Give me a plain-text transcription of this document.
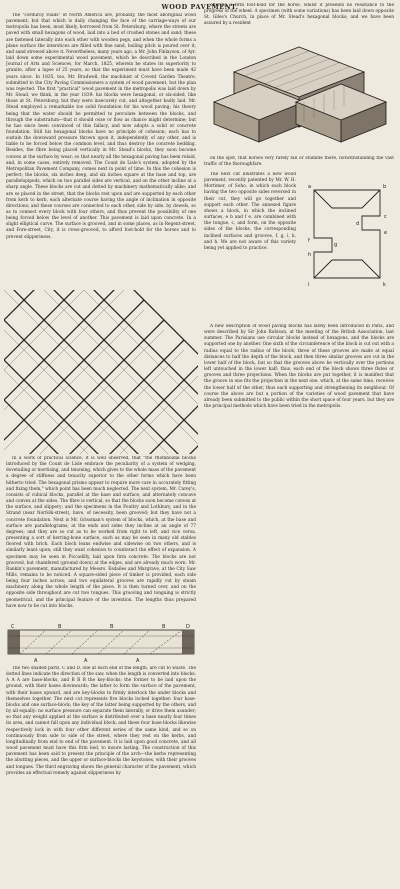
WOOD PAVEMENT.

The "corduroy roads" of North America are, probably, the most aboriginal wood pavement; but that which is daily changing the face of the carriage-ways of our metropolis has been, most likely, borrowed from St. Petersburg, where the streets are paved with small hexagons of wood, laid into a bed of crushed stones and sand; these are fastened laterally into each other with wooden pegs, and when the whole forms a plane surface the interstices are filled with fine sand, boiling pitch is poured over it, and sand strewed above it. Nevertheless, many years ago, a Mr. John Finlayson, of Ayr, laid down some experimental wood pavement, which he described in the London Journal of Arts and Sciences, for March, 1825, wherein he states its superiority to granite, after a lapse of 25 years, so that the experiment must have been made 42 years since. In 1835, too, Mr. Bradwell, the machinist of Covent Garden Theatre, submitted to the City Paving Commissioners a system of wood pavement, but the plan was rejected. The first "practical" wood pavement in the metropolis was laid down by Mr. Stead, we think, in the year 1839: his blocks were hexagonal, or six-sided, like those at St. Petersburg; but they were insecurely cut, and altogether badly laid. Mr. Stead employed a remarkable too solid foundation for his wood paving; his theory being that the water should be permitted to percolate between the blocks, and through the substratum—that it should ooze or flow as chance might determine; but he has since been convinced of this fallacy, and now adopts a solid or concrete foundation. Still his hexagonal blocks have no principle of cohesion; each has to sustain the downward pressure thrown upon it, independently of any other, and is liable to be forced below the common level, and thus destroy the concrete bedding. Besides, the fibre being placed vertically in Mr. Stead's blocks, they soon become convex at the surface by wear; so that nearly all the hexagonal paving has been relaid, and, in some cases, entirely removed. The Count de Lisle's system, adopted by the Metropolitan Pavement Company, comes next in point of time. In this the cohesion is perfect; the blocks, six inches deep, and six inches square at the base and top, are parallelopipeds, which on two parallel sides are vertical, and on the other incline at a sharp angle. These blocks are cut and dotted by machinery mathematically alike; and are so placed in the street, that the blocks rest upon and are supported by each other from kerb to kerb, each alternate course having the angle of inclination in opposite directions; and these courses are connected to each other, side by side, by dowels, so as to connect every block with four others, and thus prevent the possibility of one being forced below the level of another. This pavement is laid upon concrete. In a slight elliptical curve. The surface is grooved, and in some places, as in Regent-street, and Fore-street, City, it is cross-grooved, to afford foot-hold for the horses and to prevent slipperiness.

In a work of practical science, it is well observed, that "the rhomboidal blocks introduced by the Count de Lisle embrace the peculiarity of a system of wedging, dovetailing or mortising, and tenoning, which gives to the whole mass of the pavement a degree of stiffness and tenacity superior to the other forms which have been hitherto tried. The hexagonal prisms appear to require more care in accurately fitting and fixing them," which point has been much neglected. The next system, Mr. Carey's, consists of cubical blocks, parallel at the base and surface, and alternately concave and convex at the sides. The fibre is vertical, so that the blocks soon become convex at the surface, and slippery; and the specimens in the Poultry and Lothbury, and in the Strand (near Norfolk-street), have, of necessity, been grooved; but they have not a concrete foundation. Next is Mr. Grissman's system of blocks, which, at the base and surface are parallelograms; at the ends and sides they incline at an angle of 77 degrees; and they are so cut as to be worked from right to left, and vice versa, presenting a sort of herring-bone surface, such as may be seen in many old stables floored with brick. Each block leans endwise and sidewise on two others, and is similarly leant upon; still they want cohesion to counteract the effect of expansion. A specimen may be seen in Piccadilly, laid upon firm concrete. The blocks are not grooved, but chamfered (ground down) at the edges, and are already much worn. Mr. Rankin's pavement, manufactured by Messrs. Esdailes and Margrave, at the City Saw Mills, remains to be noticed. A square-sided piece of timber is provided, each side being four inches across; and two equilateral grooves are rapidly cut by steam machinery along the whole length of the piece. It is then turned over, and on the opposite side throughout are cut two tongues. This grooving and tonguing is strictly geometrical, and the principal feature of the invention. The lengths thus prepared have now to be cut into blocks.

C
A
B
A
B
A
B	D

The two shaded parts, C and D, one at each end of the length, are cut to waste. The dotted lines indicate the direction of the saw, when the length is converted into blocks. A A A are base-blocks, and B B B the key-blocks; the former to be laid upon the ground, with their bases downwards; the latter to form the surface of the pavement, with their bases upward, and are key-blocks to firmly interlock the under blocks and themselves together. The next cut represents five blocks locked together: four base-blocks and one surface-block; the key of the latter being supported by the others, and by all equally: no surface pressure can separate them laterally, or drive them asunder; so that any weight applied at the surface is distributed over a base nearly four times its area, and cannot fall upon any individual block; and these four base-blocks likewise respectively lock in with four other different series of the same kind, and so on continuously from side to side of the street, where they rest on the kerbs, and longitudinally from end to end of the pavement. It is laid upon good concrete, and all wood pavement must have this firm bed, to insure lasting. The construction of this pavement has been said to present the principle of the arch—the kerbs representing the abutting pieces, and the upper or surface-blocks the keystones, with their grooves and tongues. The third engraving shows the general character of the pavement, which provides an effectual remedy against slipperiness by

offering a firm foot-hold for the horse, whilst it presents no resistance to the progress of the wheel. A specimen (with some variations) has been laid down opposite St. Giles's Church, in place of Mr. Stead's hexagonal blocks; and we have been assured by a resident

on the spot, that horses very rarely fall or stumble there, notwithstanding the vast traffic of the thoroughfare.

The next cut illustrates a new wood pavement, recently patented by Mr. W. H. Mortimer, of Soho, in which each block having the two opposite sides reversed in their cut, they will go together and support each other. The annexed figure shows a block, in which the inclined surfaces, e b and f e, are combined with the tongue, c, and form, on the opposite sides of the blocks, the corresponding inclined surfaces and grooves, f, g, i, k, and h. We are not aware of this variety being yet applied to practice.

a	b
c
d
e
f
g
h
i	k

A new description of wood paving blocks has lately been introduced in Paris, and were described by Sir John Robison, at the meeting of the British Association, last summer. The Parisians use circular blocks instead of hexagons, and the blocks are supported one by another. One sixth of the circumference of the block is cut out with a radius equal to the radius of the block; three of these grooves are made at equal distances to half the depth of the block, and then three similar grooves are cut in the lower half of the block, but so that the grooves above be vertically over the portions left untouched in the lower half: thus, each end of the block shows three flutes or grooves and three projections. When the blocks are put together, it is manifest that the groove in one fits the projection in the next one, which, at the same time, receives the lower half of the other, thus each supporting and strengthening its neighbour. Of course the above are but a portion of the varieties of wood pavement that have already been submitted to the public within the short space of four years, but they are the principal methods which have been tried in the metropolis.
